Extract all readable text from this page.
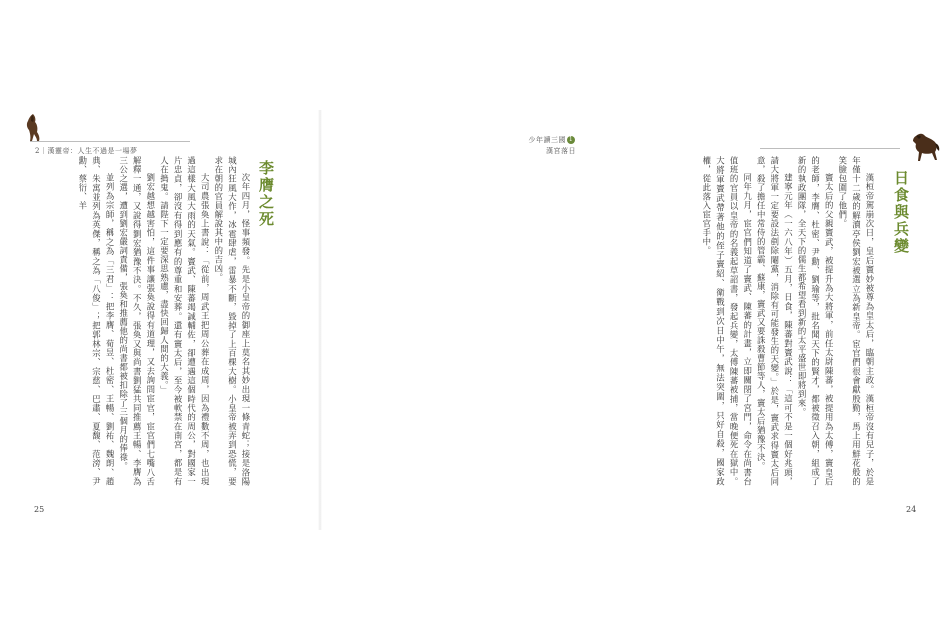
2｜漢靈帝：人生不過是一場夢
李膺之死

次年四月，怪事頻發。先是小皇帝的御座上莫名其妙出現一條青蛇；接是洛陽城內狂風大作，冰雹肆虐，雷暴不斷，毀掉了上百棵大樹。小皇帝被弄到恐慌，要求在朝的官員解說其中的吉凶。

大司農張奐上書說：「從前，周武王把周公葬在成周，因為禮數不周，也出現過這樣大風大雨的天氣。竇武、陳蕃竭誠輔佐，卻遭遇這個時代的周公，對國家一片忠貞，卻沒有得到應有的尊重和安葬。還有竇太后，至今被軟禁在南宮，都是有人在搗鬼。請陛下一定要深思熟慮，盡快回歸人間的大義。」

劉宏越想越害怕，這件事讓張奐說得有道理，又去詢問宦官，宦官們七嘴八舌解釋一通，又說得劉宏猶豫不決。不久，張奐又與尚書劉猛共同推薦王暢、李膺為三公之選，遭到劉宏嚴詞責備，張奐和推薦他的尚書都被扣除了三個月的俸祿。

並列為宗師，稱之為「三君」：把李膺、荀昱、杜密、王暢、劉祐、魏朗、趙典、朱寓並列為英傑，稱之為「八俊」；把郭林宗、宗慈、巴肅、夏馥、范滂、尹勳、蔡衍、羊

25
少年讀三國 1
漢宮落日
日食與兵變

漢桓帝駕崩次日，皇后竇妙被尊為皇太后，臨朝主政。漢桓帝沒有兒子，於是年僅十二歲的解瀆亭侯劉宏被選立為新皇帝。宦官們很會獻殷勤，馬上用鮮花般的笑臉包圍了他們。

竇太后的父親竇武，被提升為大將軍，前任太尉陳蕃，被提用為太傅，竇皇后的老師，李膺、杜密、尹勳、劉瑜等，批名聞天下的賢才，都被徵召入朝，組成了新的執政團隊，全天下的儒生都希望看到新的太平盛世即將到來。

建寧元年（一六八年）五月，日食，陳蕃對竇武說：「這可不是一個好兆頭，請大將軍一定要設法剷除閹黨，消除有可能發生的天變。」於是，竇武求得竇太后同意，殺了擔任中常侍的管霸、蘇康，竇武又要誅殺曹節等人，竇太后猶豫不決。

同年九月，宦官們知道了竇武、陳蕃的計畫，立即關閉了宮門，命令在尚書台值班的官員以皇帝的名義起草詔書，發起兵變，太傅陳蕃被捕，當晚便死在獄中。大將軍竇武帶著他的侄子竇紹、衛戰到次日中午，無法突圍，只好自殺，國家政權，從此落入宦官手中。

24
